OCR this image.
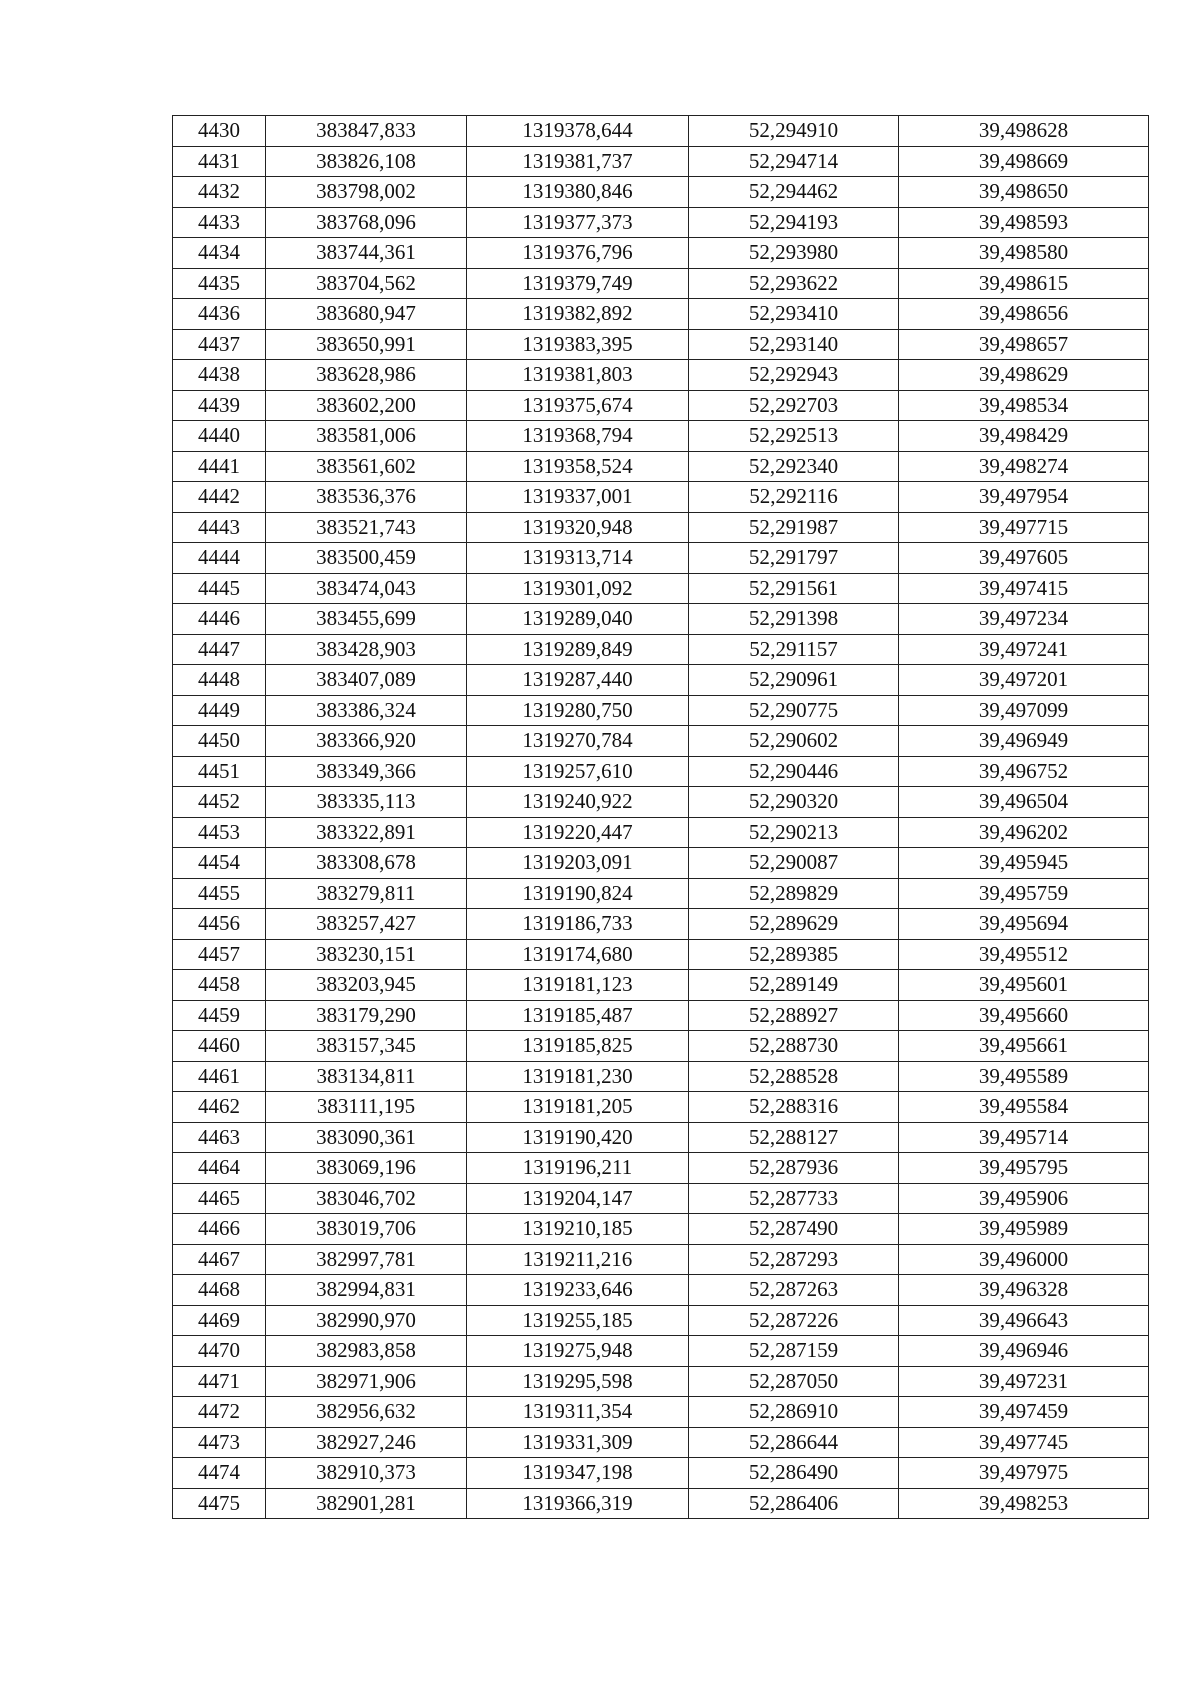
4430	383847,833	1319378,644	52,294910	39,498628
4431	383826,108	1319381,737	52,294714	39,498669
4432	383798,002	1319380,846	52,294462	39,498650
4433	383768,096	1319377,373	52,294193	39,498593
4434	383744,361	1319376,796	52,293980	39,498580
4435	383704,562	1319379,749	52,293622	39,498615
4436	383680,947	1319382,892	52,293410	39,498656
4437	383650,991	1319383,395	52,293140	39,498657
4438	383628,986	1319381,803	52,292943	39,498629
4439	383602,200	1319375,674	52,292703	39,498534
4440	383581,006	1319368,794	52,292513	39,498429
4441	383561,602	1319358,524	52,292340	39,498274
4442	383536,376	1319337,001	52,292116	39,497954
4443	383521,743	1319320,948	52,291987	39,497715
4444	383500,459	1319313,714	52,291797	39,497605
4445	383474,043	1319301,092	52,291561	39,497415
4446	383455,699	1319289,040	52,291398	39,497234
4447	383428,903	1319289,849	52,291157	39,497241
4448	383407,089	1319287,440	52,290961	39,497201
4449	383386,324	1319280,750	52,290775	39,497099
4450	383366,920	1319270,784	52,290602	39,496949
4451	383349,366	1319257,610	52,290446	39,496752
4452	383335,113	1319240,922	52,290320	39,496504
4453	383322,891	1319220,447	52,290213	39,496202
4454	383308,678	1319203,091	52,290087	39,495945
4455	383279,811	1319190,824	52,289829	39,495759
4456	383257,427	1319186,733	52,289629	39,495694
4457	383230,151	1319174,680	52,289385	39,495512
4458	383203,945	1319181,123	52,289149	39,495601
4459	383179,290	1319185,487	52,288927	39,495660
4460	383157,345	1319185,825	52,288730	39,495661
4461	383134,811	1319181,230	52,288528	39,495589
4462	383111,195	1319181,205	52,288316	39,495584
4463	383090,361	1319190,420	52,288127	39,495714
4464	383069,196	1319196,211	52,287936	39,495795
4465	383046,702	1319204,147	52,287733	39,495906
4466	383019,706	1319210,185	52,287490	39,495989
4467	382997,781	1319211,216	52,287293	39,496000
4468	382994,831	1319233,646	52,287263	39,496328
4469	382990,970	1319255,185	52,287226	39,496643
4470	382983,858	1319275,948	52,287159	39,496946
4471	382971,906	1319295,598	52,287050	39,497231
4472	382956,632	1319311,354	52,286910	39,497459
4473	382927,246	1319331,309	52,286644	39,497745
4474	382910,373	1319347,198	52,286490	39,497975
4475	382901,281	1319366,319	52,286406	39,498253
